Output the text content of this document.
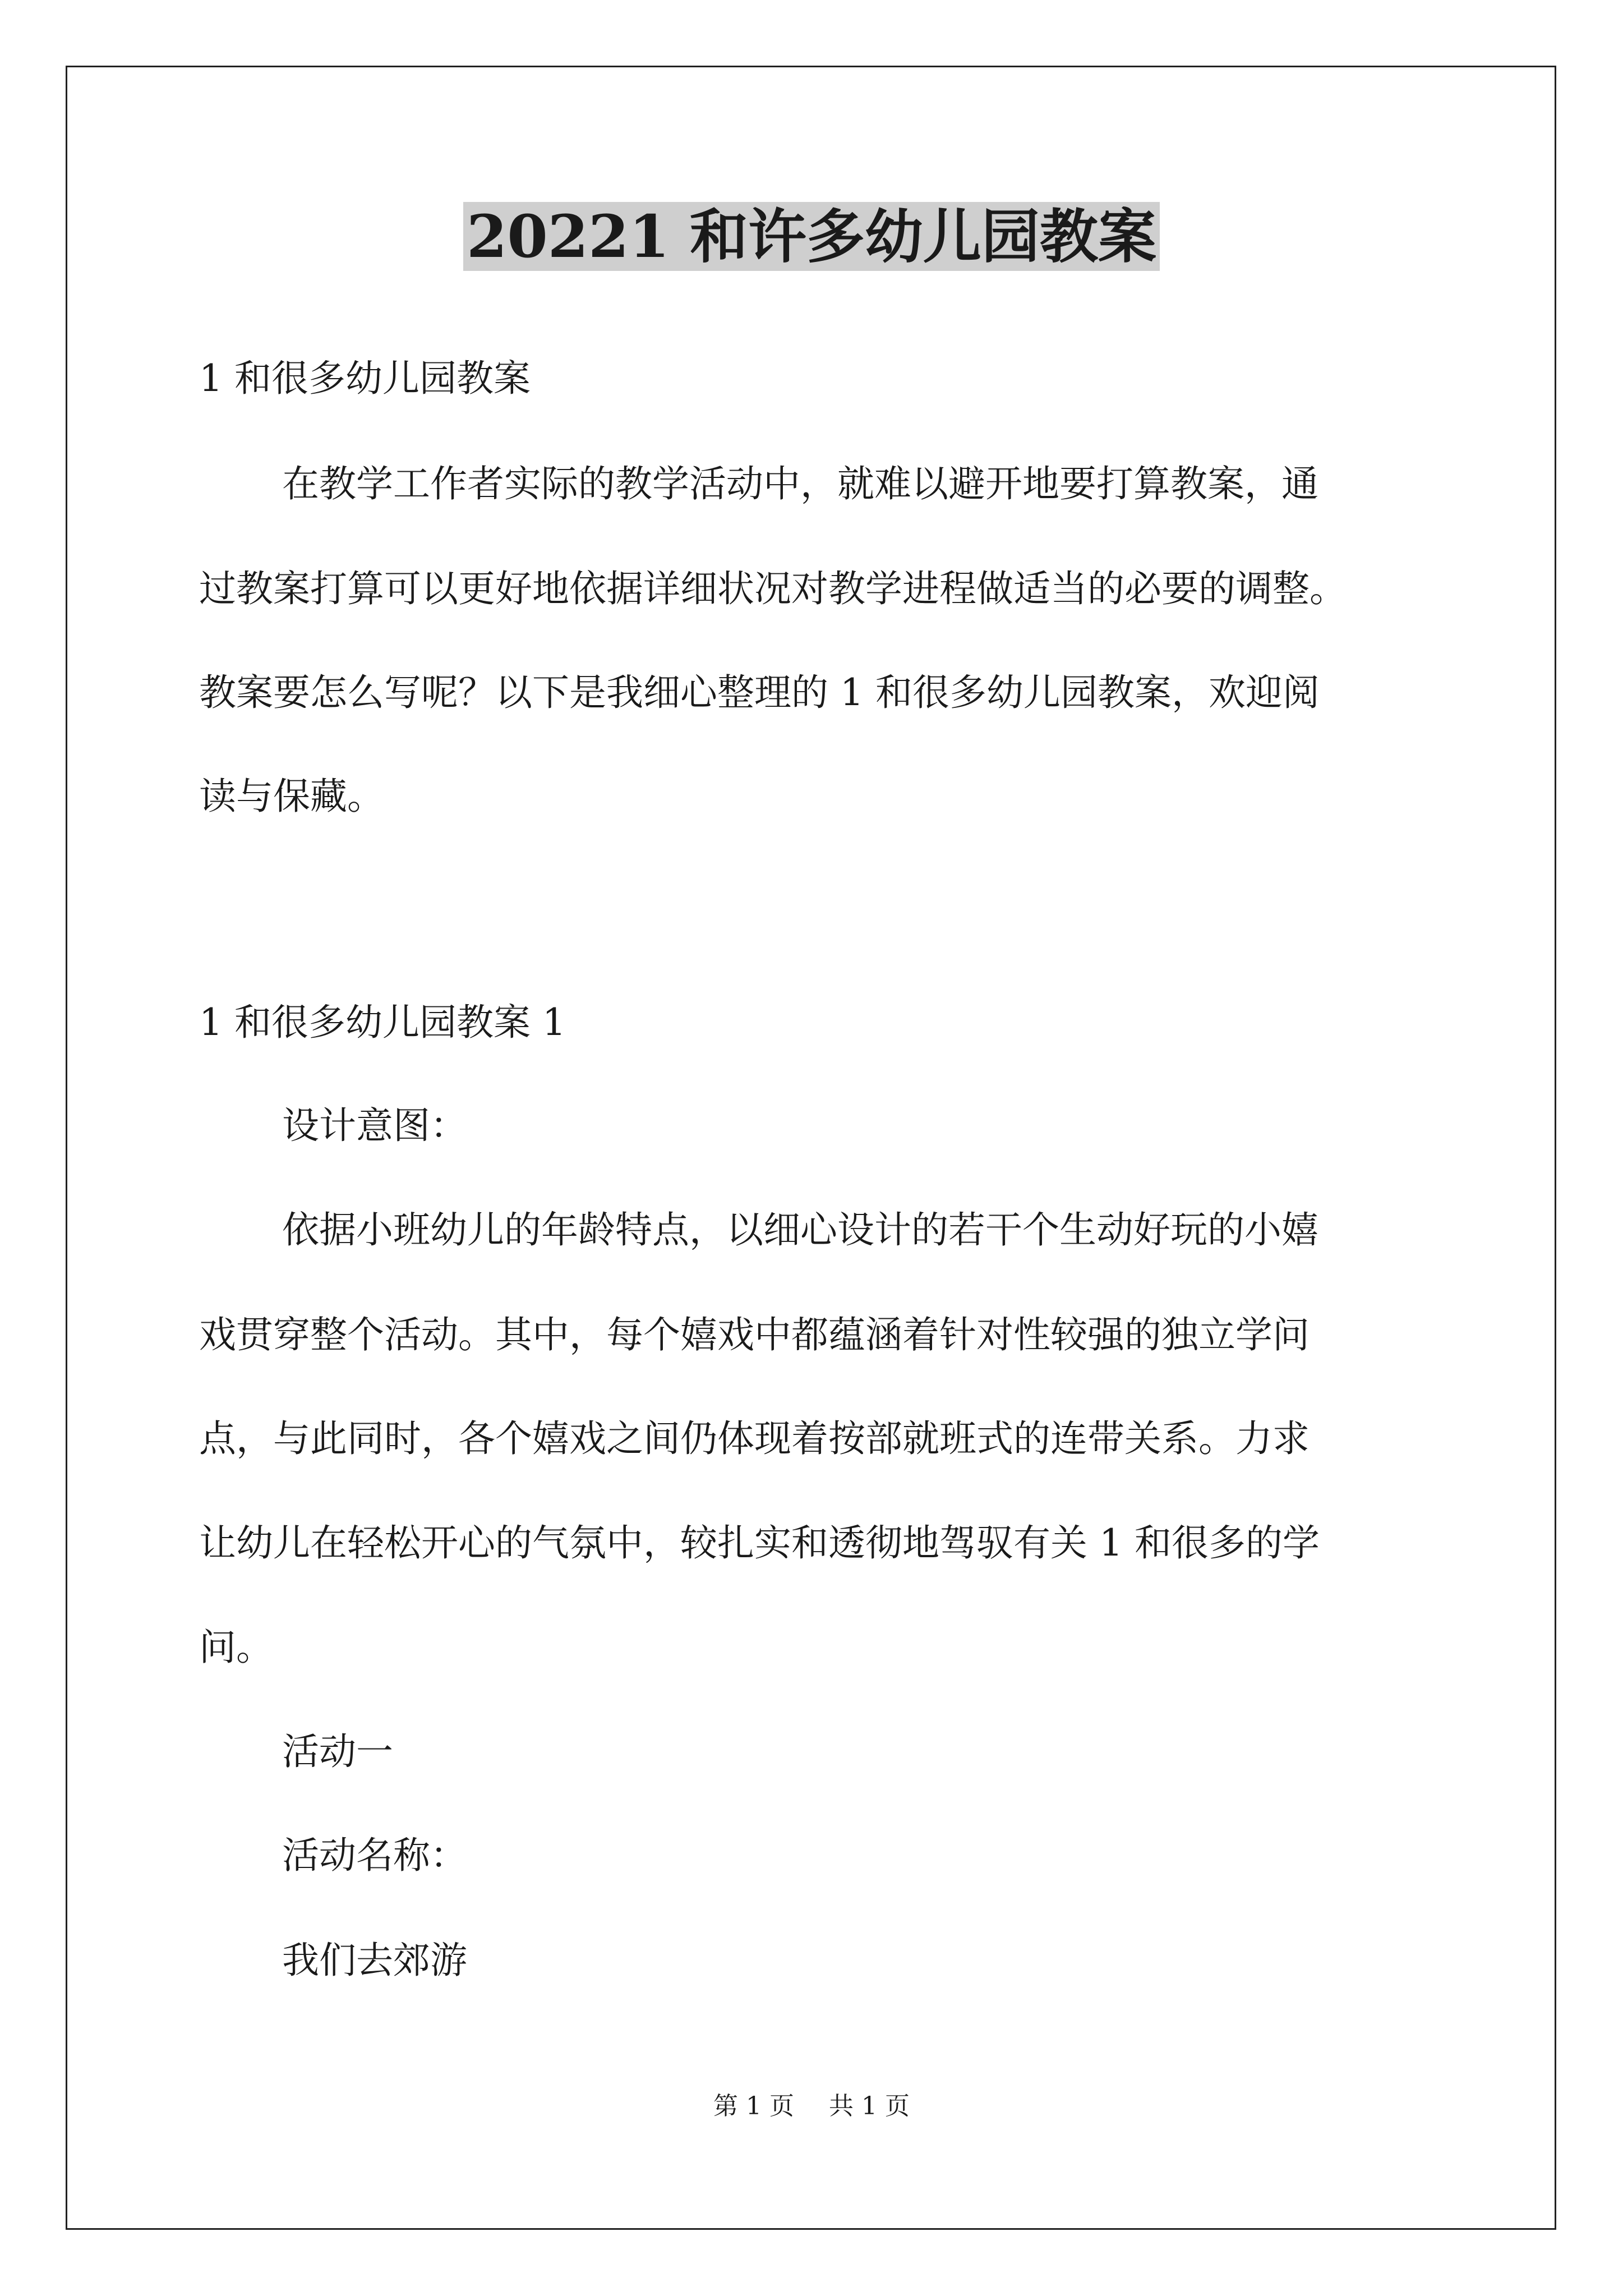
20221 和许多幼儿园教案
1 和很多幼儿园教案
在教学工作者实际的教学活动中，就难以避开地要打算教案，通
过教案打算可以更好地依据详细状况对教学进程做适当的必要的调整。
教案要怎么写呢？以下是我细心整理的 1 和很多幼儿园教案，欢迎阅
读与保藏。
1 和很多幼儿园教案 1
设计意图：
依据小班幼儿的年龄特点，以细心设计的若干个生动好玩的小嬉
戏贯穿整个活动。其中，每个嬉戏中都蕴涵着针对性较强的独立学问
点，与此同时，各个嬉戏之间仍体现着按部就班式的连带关系。力求
让幼儿在轻松开心的气氛中，较扎实和透彻地驾驭有关 1 和很多的学
问。
活动一
活动名称：
我们去郊游
第 1 页 共 1 页
